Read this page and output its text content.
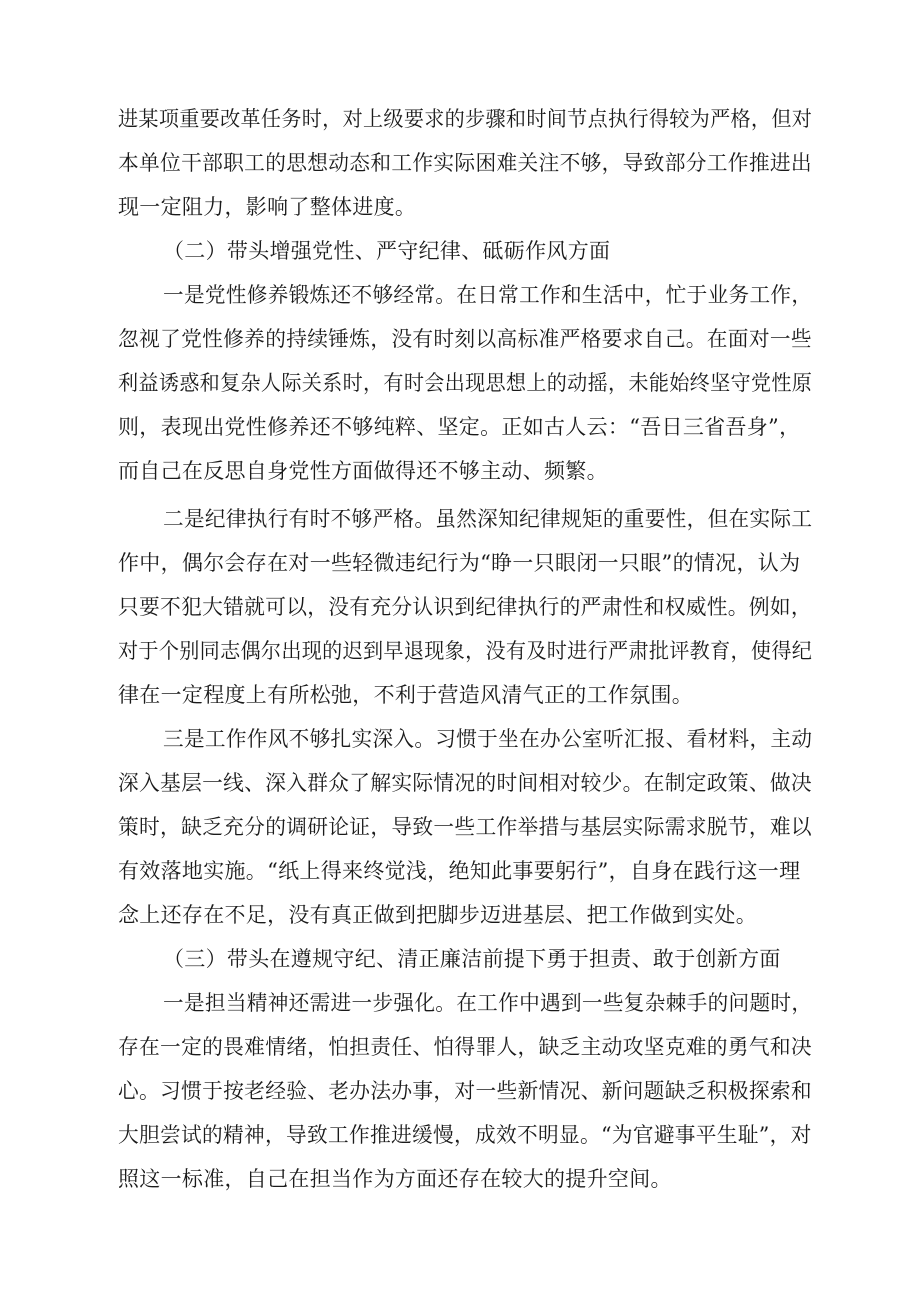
进某项重要改革任务时，对上级要求的步骤和时间节点执行得较为严格，但对
本单位干部职工的思想动态和工作实际困难关注不够，导致部分工作推进出
现一定阻力，影响了整体进度。
（二）带头增强党性、严守纪律、砥砺作风方面
一是党性修养锻炼还不够经常。在日常工作和生活中，忙于业务工作，
忽视了党性修养的持续锤炼，没有时刻以高标准严格要求自己。在面对一些
利益诱惑和复杂人际关系时，有时会出现思想上的动摇，未能始终坚守党性原
则，表现出党性修养还不够纯粹、坚定。正如古人云：“吾日三省吾身”，
而自己在反思自身党性方面做得还不够主动、频繁。
二是纪律执行有时不够严格。虽然深知纪律规矩的重要性，但在实际工
作中，偶尔会存在对一些轻微违纪行为“睁一只眼闭一只眼”的情况，认为
只要不犯大错就可以，没有充分认识到纪律执行的严肃性和权威性。例如，
对于个别同志偶尔出现的迟到早退现象，没有及时进行严肃批评教育，使得纪
律在一定程度上有所松弛，不利于营造风清气正的工作氛围。
三是工作作风不够扎实深入。习惯于坐在办公室听汇报、看材料，主动
深入基层一线、深入群众了解实际情况的时间相对较少。在制定政策、做决
策时，缺乏充分的调研论证，导致一些工作举措与基层实际需求脱节，难以
有效落地实施。“纸上得来终觉浅，绝知此事要躬行”，自身在践行这一理
念上还存在不足，没有真正做到把脚步迈进基层、把工作做到实处。
（三）带头在遵规守纪、清正廉洁前提下勇于担责、敢于创新方面
一是担当精神还需进一步强化。在工作中遇到一些复杂棘手的问题时，
存在一定的畏难情绪，怕担责任、怕得罪人，缺乏主动攻坚克难的勇气和决
心。习惯于按老经验、老办法办事，对一些新情况、新问题缺乏积极探索和
大胆尝试的精神，导致工作推进缓慢，成效不明显。“为官避事平生耻”，对
照这一标准，自己在担当作为方面还存在较大的提升空间。
